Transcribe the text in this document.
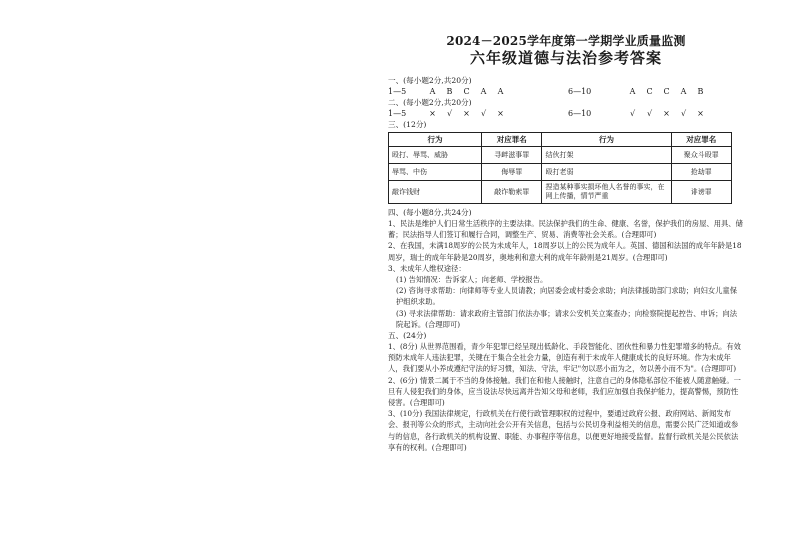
2024－2025学年度第一学期学业质量监测
六年级道德与法治参考答案
一、(每小题2分,共20分)
1—5	A	B	C	A	A	6—10	A	C	C	A	B
二、(每小题2分,共20分)
1—5	×	√	×	√	×	6—10	√	√	×	√	×
三、(12分)
行为	对应罪名	行为	对应罪名
殴打、辱骂、威胁	寻衅滋事罪	结伙打架	聚众斗殴罪
辱骂、中伤	侮辱罪	殴打老弱	抢劫罪
敲诈钱财	敲诈勒索罪	捏造某种事实损坏他人名誉的事实，在网上传播，情节严重	诽谤罪
四、(每小题8分,共24分)
1、民法是维护人们日常生活秩序的主要法律。民法保护我们的生命、健康、名誉，保护我们的房屋、用具、储蓄；民法指导人们签订和履行合同，调整生产、贸易、消费等社会关系。(合理即可)
2、在我国，未满18周岁的公民为未成年人，18周岁以上的公民为成年人。英国、德国和法国的成年年龄是18周岁，瑞士的成年年龄是20周岁，奥地利和意大利的成年年龄则是21周岁。(合理即可)
3、未成年人维权途径：
(1) 告知情况：告诉家人；向老师、学校报告。
(2) 咨询寻求帮助：向律师等专业人员请教；向居委会或村委会求助；向法律援助部门求助；向妇女儿童保护组织求助。
(3) 寻求法律帮助：请求政府主管部门依法办事；请求公安机关立案查办；向检察院提起控告、申诉；向法院起诉。(合理即可)
五、(24分)
1、(8分) 从世界范围看，青少年犯罪已经呈现出低龄化、手段智能化、团伙性和暴力性犯罪增多的特点。有效预防未成年人违法犯罪，关键在于集合全社会力量，创造有利于未成年人健康成长的良好环境。作为未成年人，我们要从小养成遵纪守法的好习惯，知法、守法，牢记"勿以恶小而为之，勿以善小而不为"。(合理即可)
2、(6分) 情景二属于不当的身体接触。我们在和他人接触时，注意自己的身体隐私部位不能被人随意触碰。一旦有人侵犯我们的身体，应当设法尽快远离并告知父母和老师，我们应加强自我保护能力，提高警惕，预防性侵害。(合理即可)
3、(10分) 我国法律规定，行政机关在行使行政管理职权的过程中，要通过政府公报、政府网站、新闻发布会、报刊等公众的形式，主动向社会公开有关信息，包括与公民切身利益相关的信息，需要公民广泛知道或参与的信息，各行政机关的机构设置、职能、办事程序等信息，以便更好地接受监督。监督行政机关是公民依法享有的权利。(合理即可)
